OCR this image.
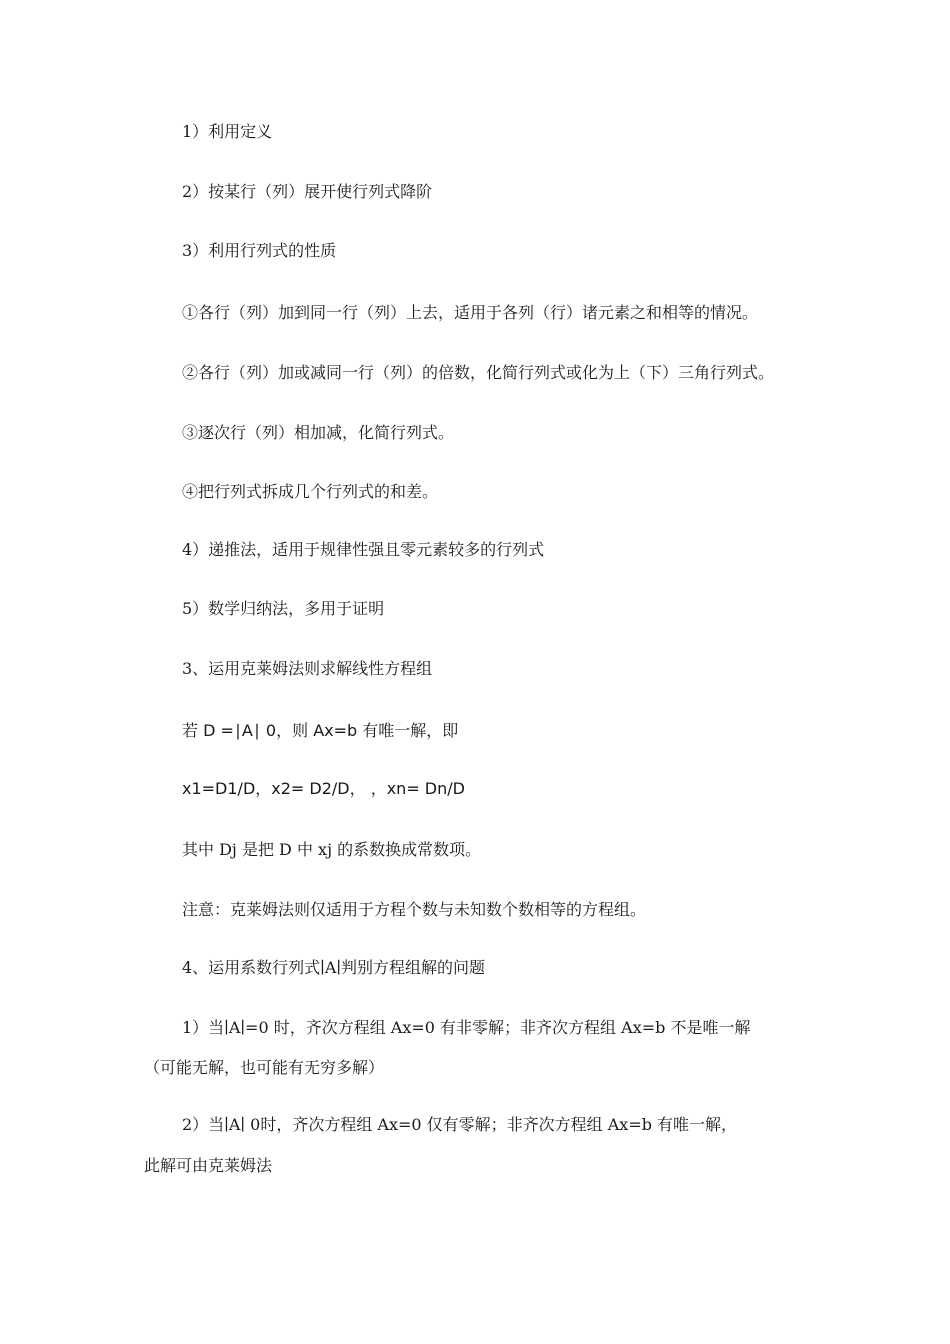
1）利用定义

2）按某行（列）展开使行列式降阶

3）利用行列式的性质

①各行（列）加到同一行（列）上去，适用于各列（行）诸元素之和相等的情况。

②各行（列）加或减同一行（列）的倍数，化简行列式或化为上（下）三角行列式。

③逐次行（列）相加减，化简行列式。

④把行列式拆成几个行列式的和差。

4）递推法，适用于规律性强且零元素较多的行列式

5）数学归纳法，多用于证明

3、运用克莱姆法则求解线性方程组

若 D =∣A∣ 0，则 Ax=b 有唯一解，即

x1=D1/D，x2= D2/D， ，xn= Dn/D

其中 Dj 是把 D 中 xj 的系数换成常数项。

注意：克莱姆法则仅适用于方程个数与未知数个数相等的方程组。

4、运用系数行列式∣A∣判别方程组解的问题

1）当∣A∣=0 时，齐次方程组 Ax=0 有非零解；非齐次方程组 Ax=b 不是唯一解

（可能无解，也可能有无穷多解）

2）当∣A∣ 0时，齐次方程组 Ax=0 仅有零解；非齐次方程组 Ax=b 有唯一解，

此解可由克莱姆法
